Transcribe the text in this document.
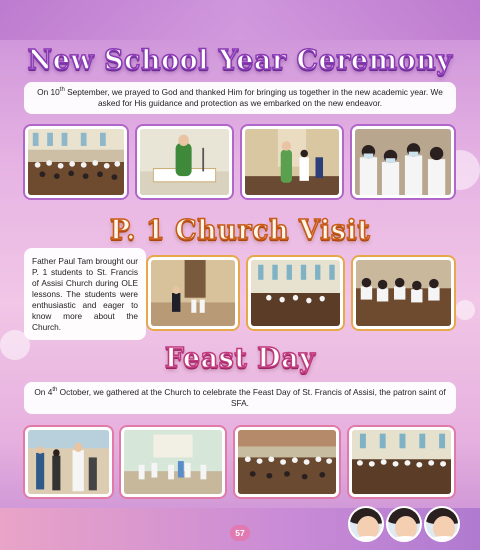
New School Year Ceremony
On 10th September, we prayed to God and thanked Him for bringing us together in the new academic year. We asked for His guidance and protection as we embarked on the new endeavor.
P. 1 Church Visit
Father Paul Tam brought our P. 1 students to St. Francis of Assisi Church during OLE lessons. The students were enthusiastic and eager to know more about the Church.
Feast Day
On 4th October, we gathered at the Church to celebrate the Feast Day of St. Francis of Assisi, the patron saint of SFA.
57
